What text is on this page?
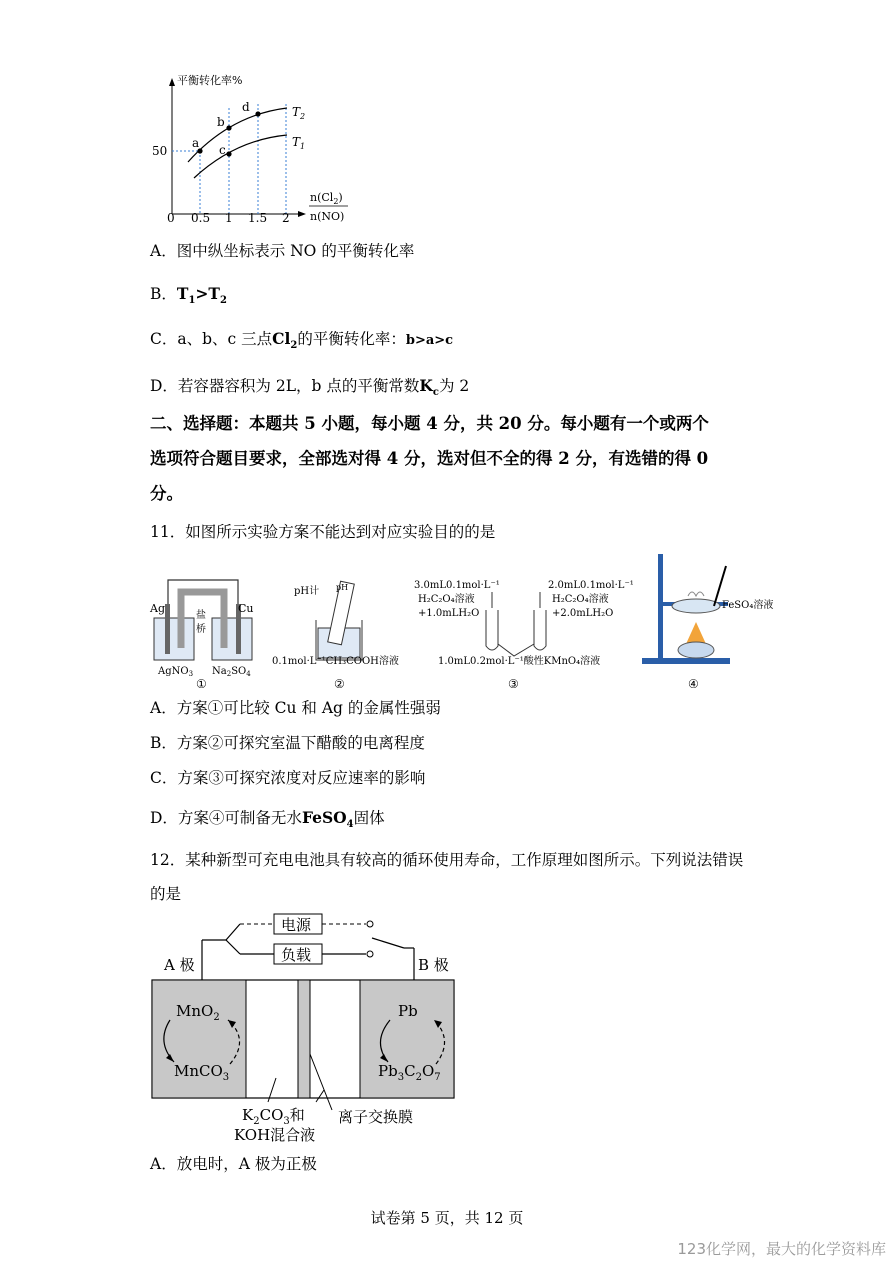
平衡转化率%
a
b
c
d	$T_2$
$T_1$
50
0 0.5 1 1.5 2
$n(Cl_2)$
n(NO)
A．图中纵坐标表示 NO 的平衡转化率
B．$T_1>T_2$
C．a、b、c 三点$Cl_2$的平衡转化率：b>a>c
D．若容器容积为 2L，b 点的平衡常数$K_c$为 2
二、选择题：本题共 5 小题，每小题 4 分，共 20 分。每小题有一个或两个
选项符合题目要求，全部选对得 4 分，选对但不全的得 2 分，有选错的得 0
分。
11．如图所示实验方案不能达到对应实验目的的是
Ag	Cu
盐
桥
AgNO$_3$ $Na_2SO_4$
①
pH计 pH
0.1mol·L⁻¹CH₃COOH溶液
②
3.0mL0.1mol·L⁻¹
H₂C₂O₄溶液
+1.0mLH₂O
2.0mL0.1mol·L⁻¹
H₂C₂O₄溶液
+2.0mLH₂O
1.0mL0.2mol·L⁻¹酸性KMnO₄溶液
③
FeSO₄溶液
④
A．方案①可比较 Cu 和 Ag 的金属性强弱
B．方案②可探究室温下醋酸的电离程度
C．方案③可探究浓度对反应速率的影响
D．方案④可制备无水FeSO$_4$固体
12．某种新型可充电电池具有较高的循环使用寿命，工作原理如图所示。下列说法错误
的是
电源
负载
A 极	B 极
MnO$_2$
MnCO$_3$
Pb
$Pb_3C_2O_7$
$K_2CO_3$和
KOH混合液
离子交换膜
A．放电时，A 极为正极
试卷第 5 页，共 12 页
123化学网，最大的化学资料库
